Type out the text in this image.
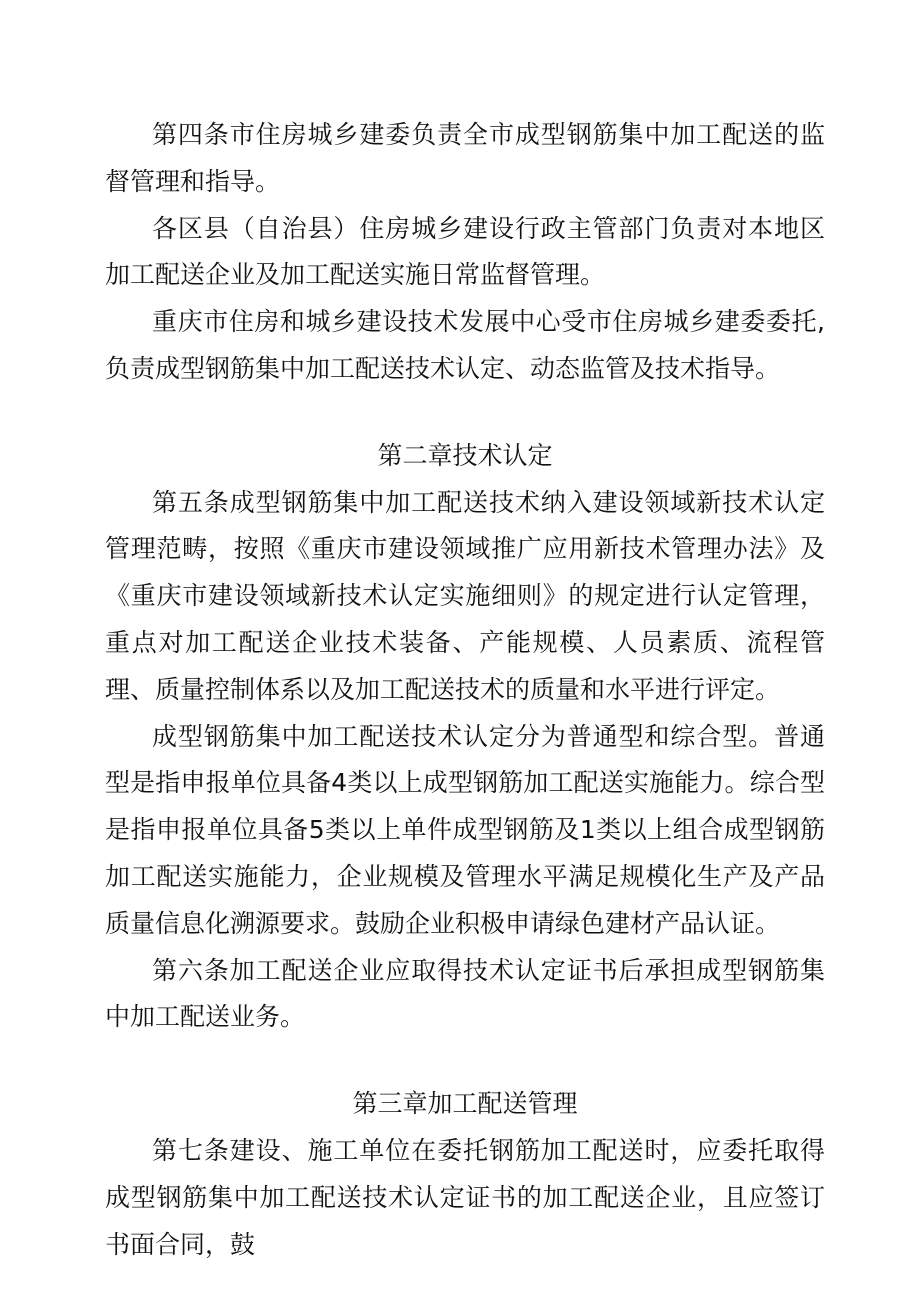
第四条市住房城乡建委负责全市成型钢筋集中加工配送的监督管理和指导。

各区县（自治县）住房城乡建设行政主管部门负责对本地区加工配送企业及加工配送实施日常监督管理。

重庆市住房和城乡建设技术发展中心受市住房城乡建委委托,负责成型钢筋集中加工配送技术认定、动态监管及技术指导。

第二章技术认定

第五条成型钢筋集中加工配送技术纳入建设领域新技术认定管理范畴，按照《重庆市建设领域推广应用新技术管理办法》及《重庆市建设领域新技术认定实施细则》的规定进行认定管理，重点对加工配送企业技术装备、产能规模、人员素质、流程管理、质量控制体系以及加工配送技术的质量和水平进行评定。

成型钢筋集中加工配送技术认定分为普通型和综合型。普通型是指申报单位具备4类以上成型钢筋加工配送实施能力。综合型是指申报单位具备5类以上单件成型钢筋及1类以上组合成型钢筋加工配送实施能力，企业规模及管理水平满足规模化生产及产品质量信息化溯源要求。鼓励企业积极申请绿色建材产品认证。

第六条加工配送企业应取得技术认定证书后承担成型钢筋集中加工配送业务。

第三章加工配送管理

第七条建设、施工单位在委托钢筋加工配送时，应委托取得成型钢筋集中加工配送技术认定证书的加工配送企业，且应签订书面合同，鼓
